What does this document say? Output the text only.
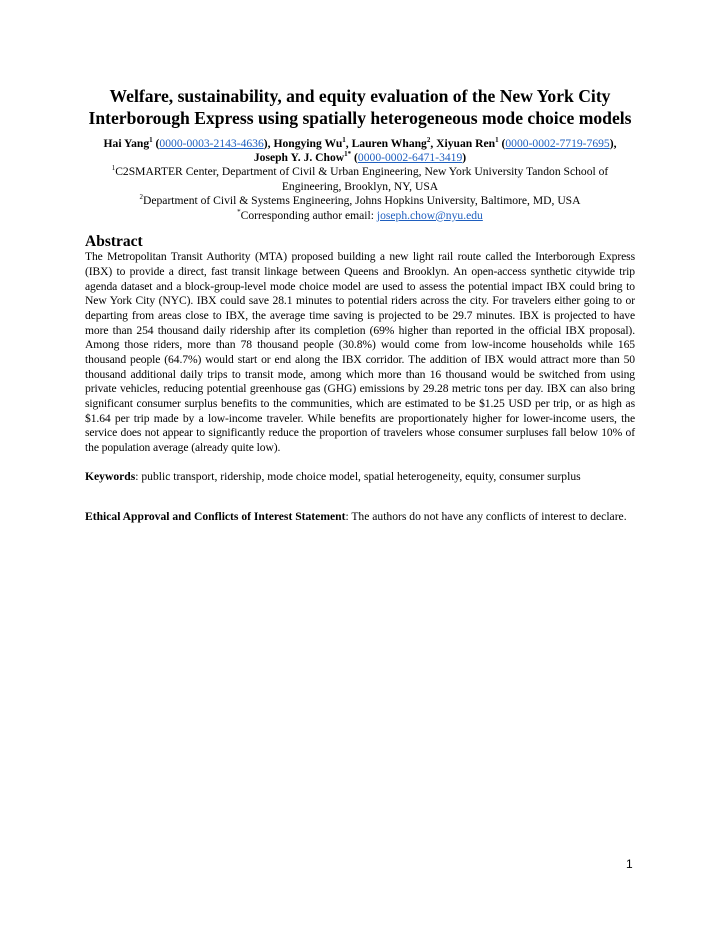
Welfare, sustainability, and equity evaluation of the New York City Interborough Express using spatially heterogeneous mode choice models
Hai Yang$^1$ (0000-0003-2143-4636), Hongying Wu$^1$, Lauren Whang$^2$, Xiyuan Ren$^1$ (0000-0002-7719-7695), Joseph Y. J. Chow$^{1*}$ (0000-0002-6471-3419)
$^1$C2SMARTER Center, Department of Civil & Urban Engineering, New York University Tandon School of Engineering, Brooklyn, NY, USA
$^2$Department of Civil & Systems Engineering, Johns Hopkins University, Baltimore, MD, USA
*Corresponding author email: joseph.chow@nyu.edu
Abstract

The Metropolitan Transit Authority (MTA) proposed building a new light rail route called the Interborough Express (IBX) to provide a direct, fast transit linkage between Queens and Brooklyn. An open-access synthetic citywide trip agenda dataset and a block-group-level mode choice model are used to assess the potential impact IBX could bring to New York City (NYC). IBX could save 28.1 minutes to potential riders across the city. For travelers either going to or departing from areas close to IBX, the average time saving is projected to be 29.7 minutes. IBX is projected to have more than 254 thousand daily ridership after its completion (69% higher than reported in the official IBX proposal). Among those riders, more than 78 thousand people (30.8%) would come from low-income households while 165 thousand people (64.7%) would start or end along the IBX corridor. The addition of IBX would attract more than 50 thousand additional daily trips to transit mode, among which more than 16 thousand would be switched from using private vehicles, reducing potential greenhouse gas (GHG) emissions by 29.28 metric tons per day. IBX can also bring significant consumer surplus benefits to the communities, which are estimated to be $1.25 USD per trip, or as high as $1.64 per trip made by a low-income traveler. While benefits are proportionately higher for lower-income users, the service does not appear to significantly reduce the proportion of travelers whose consumer surpluses fall below 10% of the population average (already quite low).

Keywords: public transport, ridership, mode choice model, spatial heterogeneity, equity, consumer surplus
Ethical Approval and Conflicts of Interest Statement: The authors do not have any conflicts of interest to declare.
1
